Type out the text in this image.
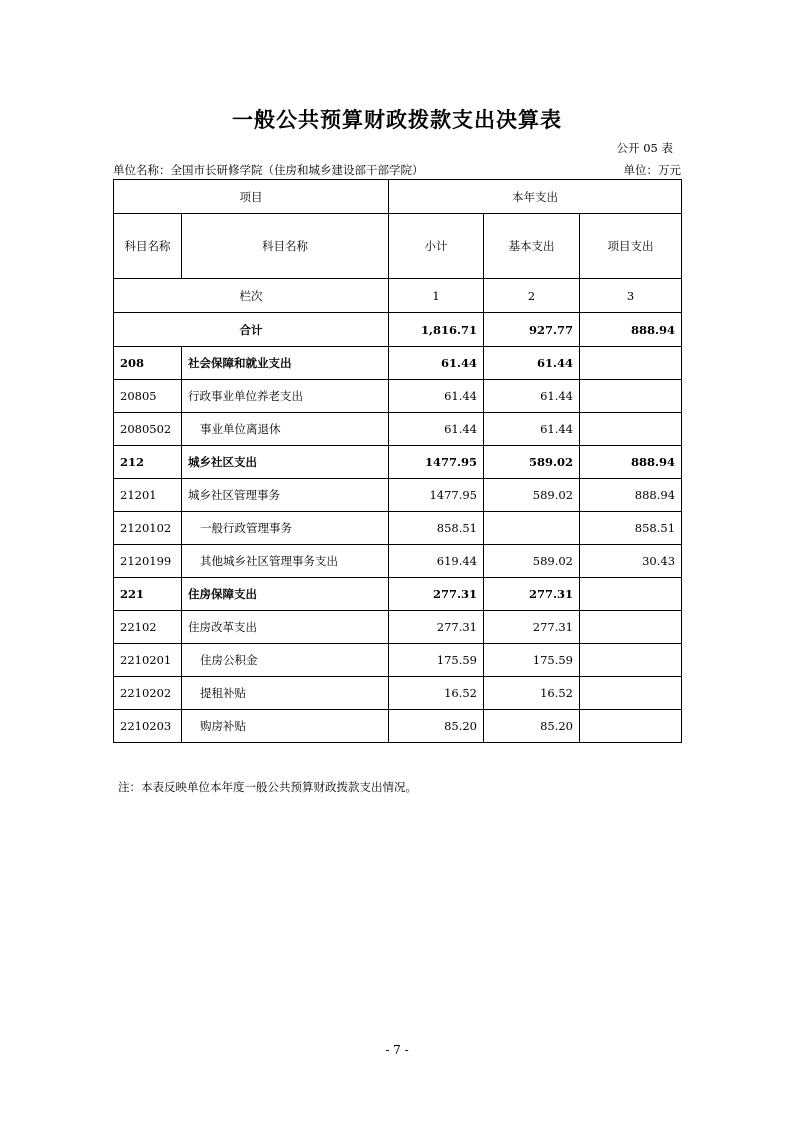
一般公共预算财政拨款支出决算表
公开 05 表
单位名称：全国市长研修学院（住房和城乡建设部干部学院）	单位：万元
项目		本年支出		
科目名称	科目名称	小计	基本支出	项目支出
栏次		1	2	3
合计		1,816.71	927.77	888.94
208	社会保障和就业支出	61.44	61.44	
20805	行政事业单位养老支出	61.44	61.44	
2080502	事业单位离退休	61.44	61.44	
212	城乡社区支出	1477.95	589.02	888.94
21201	城乡社区管理事务	1477.95	589.02	888.94
2120102	一般行政管理事务	858.51		858.51
2120199	其他城乡社区管理事务支出	619.44	589.02	30.43
221	住房保障支出	277.31	277.31	
22102	住房改革支出	277.31	277.31	
2210201	住房公积金	175.59	175.59	
2210202	提租补贴	16.52	16.52	
2210203	购房补贴	85.20	85.20	
注：本表反映单位本年度一般公共预算财政拨款支出情况。
- 7 -
